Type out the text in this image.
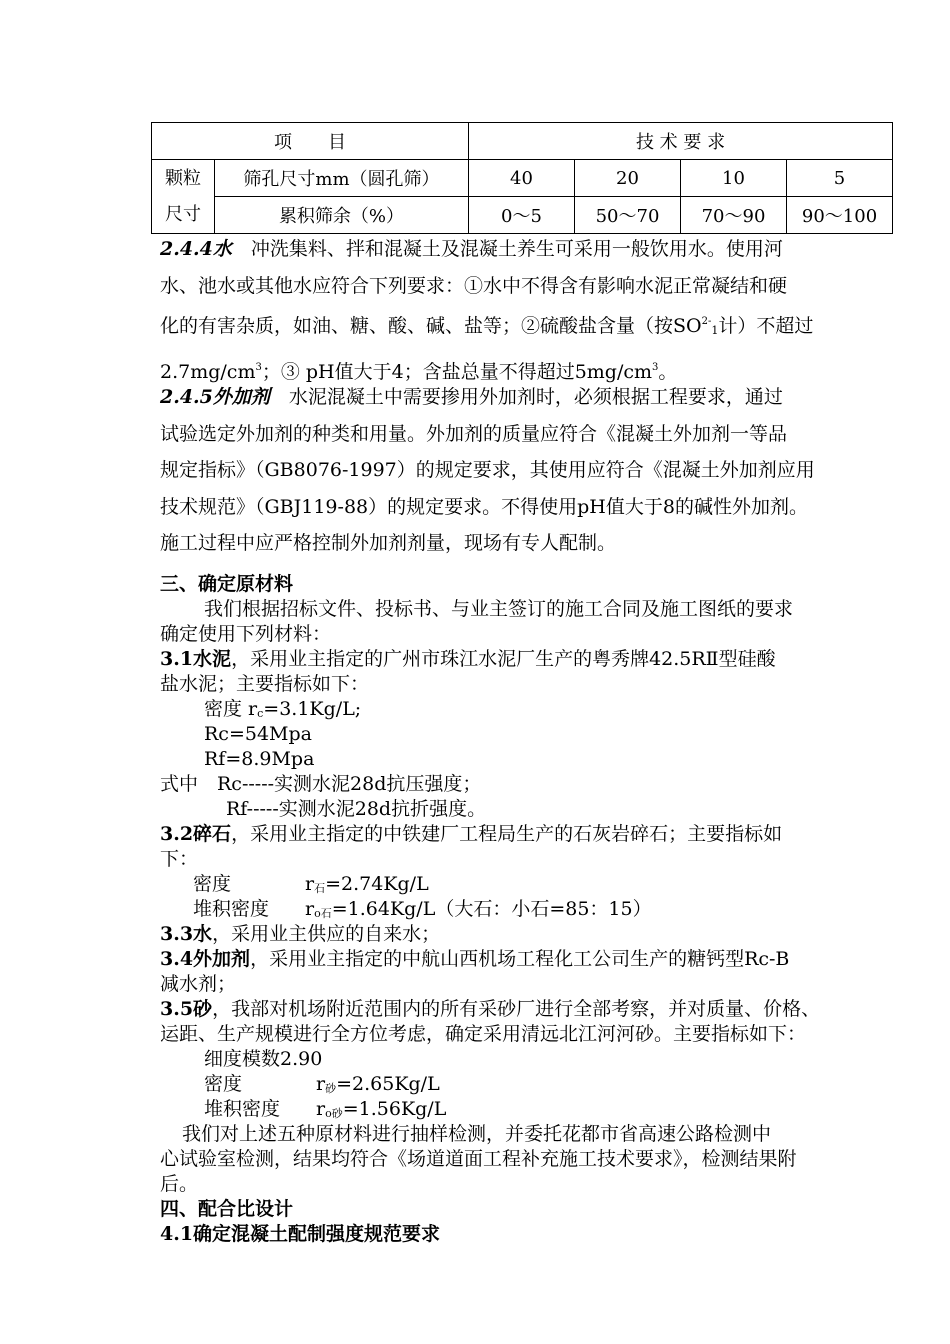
项　　目		技 术 要 求			
颗粒
尺寸	筛孔尺寸mm（圆孔筛）	40	20	10	5
	累积筛余（%）	0～5	50～70	70～90	90～100
2.4.4水　 冲洗集料、拌和混凝土及混凝土养生可采用一般饮用水。使用河
水、池水或其他水应符合下列要求：①水中不得含有影响水泥正常凝结和硬
化的有害杂质，如油、糖、酸、碱、盐等；②硫酸盐含量（按$SO^{2-}1$计）不超过
$2.7mg/cm^3$；③ pH值大于4；含盐总量不得超过$5mg/cm^3$。
2.4.5外加剂　 水泥混凝土中需要掺用外加剂时，必须根据工程要求，通过
试验选定外加剂的种类和用量。外加剂的质量应符合《混凝土外加剂一等品
规定指标》（GB8076-1997）的规定要求，其使用应符合《混凝土外加剂应用
技术规范》（GBJ119-88）的规定要求。不得使用pH值大于8的碱性外加剂。
施工过程中应严格控制外加剂剂量，现场有专人配制。
三、确定原材料
我们根据招标文件、投标书、与业主签订的施工合同及施工图纸的要求
确定使用下列材料：
3.1水泥，采用业主指定的广州市珠江水泥厂生产的粤秀牌42.5RⅡ型硅酸
盐水泥；主要指标如下：
密度 rc=3.1Kg/L;
Rc=54Mpa
Rf=8.9Mpa
式中　Rc-----实测水泥28d抗压强度；
Rf-----实测水泥28d抗折强度。
3.2碎石，采用业主指定的中铁建厂工程局生产的石灰岩碎石；主要指标如
下：
密度	r石=2.74Kg/L
堆积密度 ro石=1.64Kg/L（大石：小石=85：15）
3.3水，采用业主供应的自来水；
3.4外加剂，采用业主指定的中航山西机场工程化工公司生产的糖钙型Rc-B
减水剂；
3.5砂，我部对机场附近范围内的所有采砂厂进行全部考察，并对质量、价格、
运距、生产规模进行全方位考虑，确定采用清远北江河河砂。主要指标如下：
细度模数2.90
密度	r砂=2.65Kg/L
堆积密度 ro砂=1.56Kg/L
我们对上述五种原材料进行抽样检测，并委托花都市省高速公路检测中
心试验室检测，结果均符合《场道道面工程补充施工技术要求》，检测结果附
后。
四、配合比设计
4.1确定混凝土配制强度规范要求
